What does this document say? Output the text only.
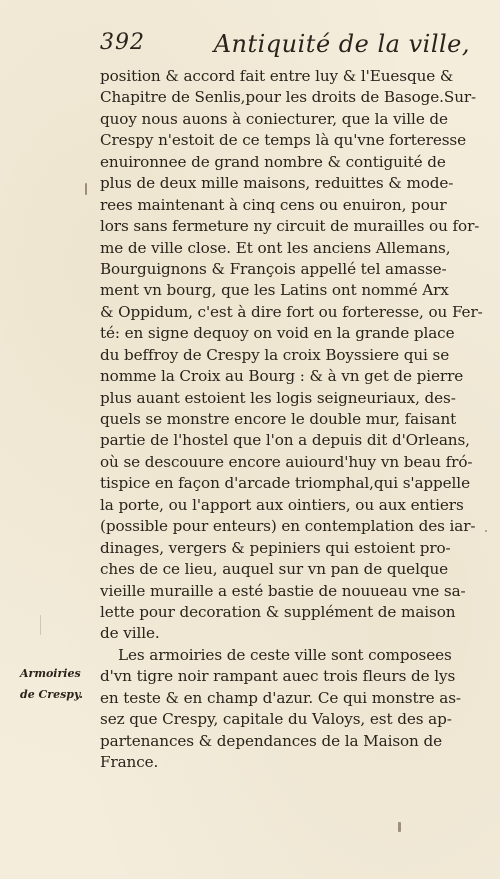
392	Antiquité de la ville,
position & accord fait entre luy & l'Euesque &
Chapitre de Senlis,pour les droits de Basoge.Sur-
quoy nous auons à coniecturer, que la ville de
Crespy n'estoit de ce temps là qu'vne forteresse
enuironnee de grand nombre & contiguité de
plus de deux mille maisons, reduittes & mode-
rees maintenant à cinq cens ou enuiron, pour
lors sans fermeture ny circuit de murailles ou for-
me de ville close. Et ont les anciens Allemans,
Bourguignons & François appellé tel amasse-
ment vn bourg, que les Latins ont nommé Arx
& Oppidum, c'est à dire fort ou forteresse, ou Fer-
té: en signe dequoy on void en la grande place
du beffroy de Crespy la croix Boyssiere qui se
nomme la Croix au Bourg : & à vn get de pierre
plus auant estoient les logis seigneuriaux, des-
quels se monstre encore le double mur, faisant
partie de l'hostel que l'on a depuis dit d'Orleans,
où se descouure encore auiourd'huy vn beau fró-
tispice en façon d'arcade triomphal,qui s'appelle
la porte, ou l'apport aux ointiers, ou aux entiers
(possible pour enteurs) en contemplation des iar-
dinages, vergers & pepiniers qui estoient pro-
ches de ce lieu, auquel sur vn pan de quelque
vieille muraille a esté bastie de nouueau vne sa-
lette pour decoration & supplément de maison
de ville.
Les armoiries de ceste ville sont composees
d'vn tigre noir rampant auec trois fleurs de lys
en teste & en champ d'azur. Ce qui monstre as-
sez que Crespy, capitale du Valoys, est des ap-
partenances & dependances de la Maison de
France.
Armoiries
de Crespy.
